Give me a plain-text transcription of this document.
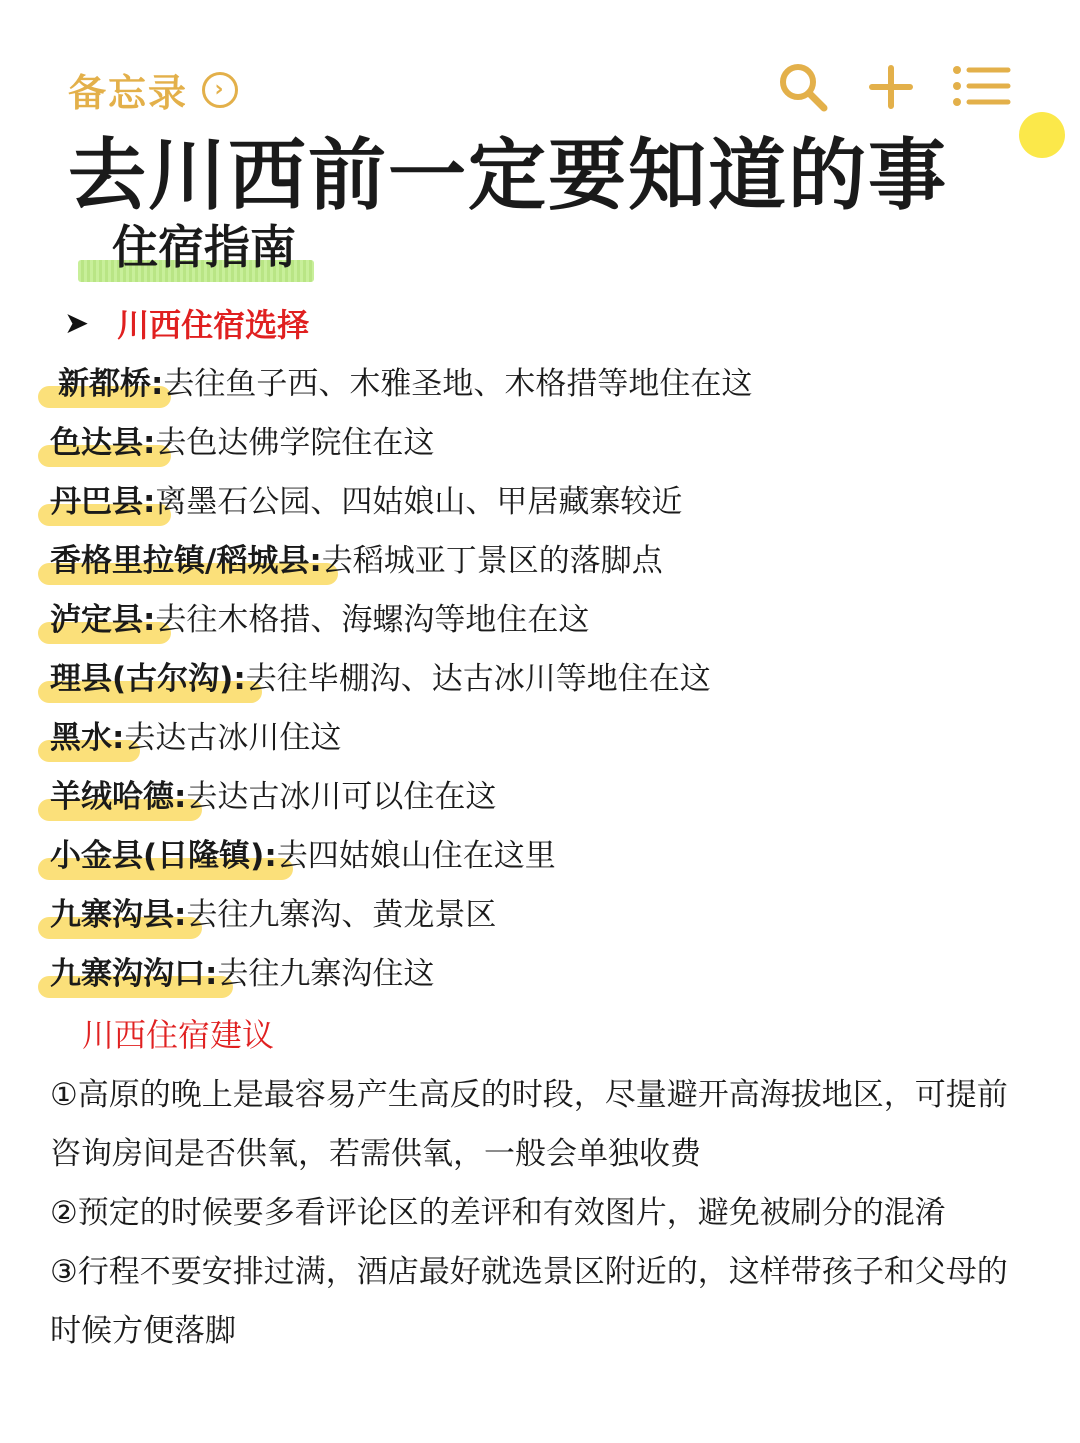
备忘录	›
去川西前一定要知道的事
住宿指南
➤ 川西住宿选择
新都桥:去往鱼子西、木雅圣地、木格措等地住在这
色达县:去色达佛学院住在这
丹巴县:离墨石公园、四姑娘山、甲居藏寨较近
香格里拉镇/稻城县:去稻城亚丁景区的落脚点
泸定县:去往木格措、海螺沟等地住在这
理县(古尔沟):去往毕棚沟、达古冰川等地住在这
黑水:去达古冰川住这
羊绒哈德:去达古冰川可以住在这
小金县(日隆镇):去四姑娘山住在这里
九寨沟县:去往九寨沟、黄龙景区
九寨沟沟口:去往九寨沟住这
川西住宿建议

①高原的晚上是最容易产生高反的时段，尽量避开高海拔地区，可提前咨询房间是否供氧，若需供氧，一般会单独收费

②预定的时候要多看评论区的差评和有效图片，避免被刷分的混淆

③行程不要安排过满，酒店最好就选景区附近的，这样带孩子和父母的时候方便落脚
